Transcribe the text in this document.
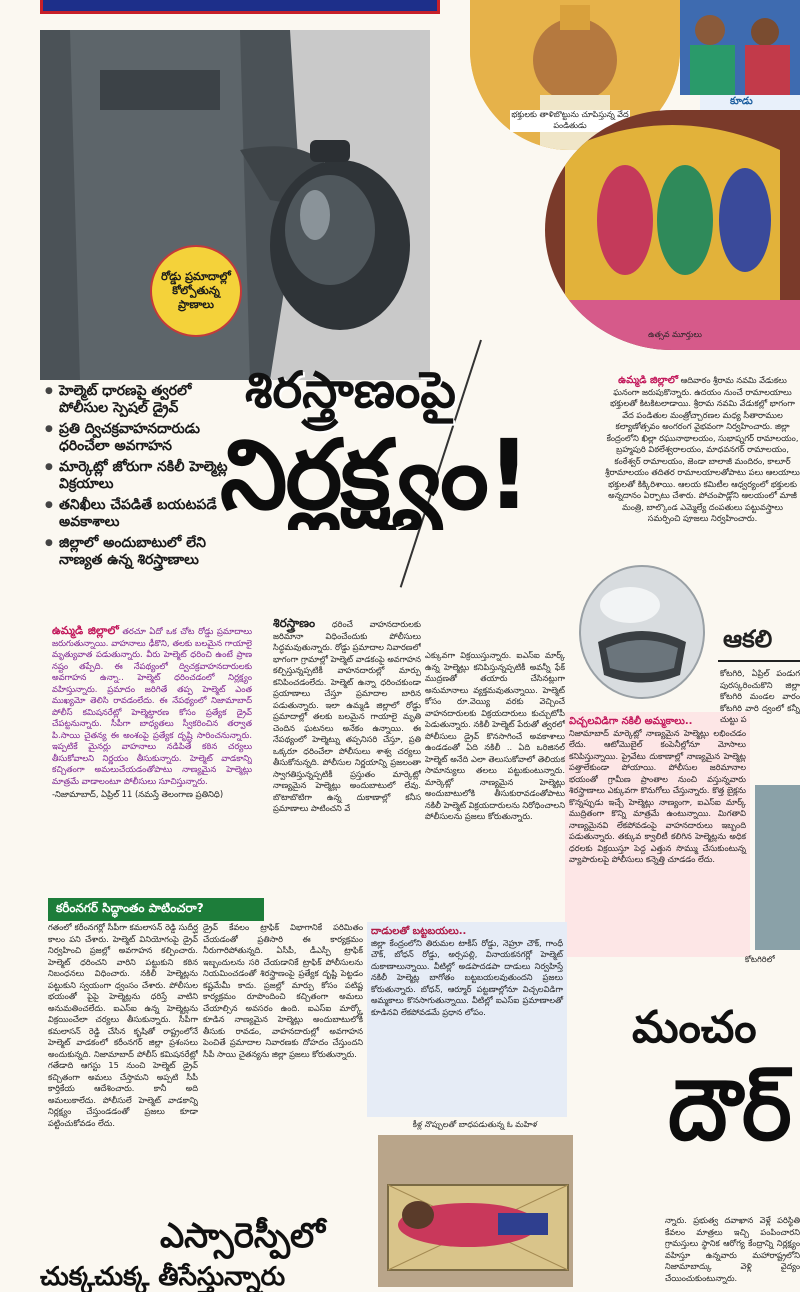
రోడ్డు ప్రమాదాల్లో కోల్పోతున్న ప్రాణాలు
● హెల్మెట్ ధారణపై త్వరలో పోలీసుల స్పెషల్ డ్రైవ్
● ప్రతి ద్విచక్రవాహనదారుడు ధరించేలా అవగాహన
● మార్కెట్లో జోరుగా నకిలీ హెల్మెట్ల విక్రయాలు
● తనిఖీలు చేపడితే బయటపడే అవకాశాలు
● జిల్లాలో అందుబాటులో లేని నాణ్యత ఉన్న శిరస్త్రాణాలు
శిరస్త్రాణంపై
నిర్లక్ష్యం!
ఉమ్మడి జిల్లాలో తరచూ ఏదో ఒక చోట రోడ్డు ప్రమాదాలు జరుగుతున్నాయి. వాహనాలు ఢీకొని, తలకు బలమైన గాయాలై మృత్యువాత పడుతున్నారు. వీరు హెల్మెట్ ధరించి ఉంటే ప్రాణ నష్టం తప్పేది. ఈ నేపథ్యంలో ద్విచక్రవాహనదారులకు అవగాహన ఉన్నా.. హెల్మెట్ ధరించడంలో నిర్లక్ష్యం వహిస్తున్నారు. ప్రమాదం జరిగితే తప్ప హెల్మెట్ ఎంత ముఖ్యమో తెలిసి రావడంలేదు. ఈ నేపథ్యంలో నిజామాబాద్ పోలీస్ కమిషనరేట్లో హెల్మెట్ధారణ కోసం ప్రత్యేక డ్రైవ్ చేపట్టనున్నారు. సీపీగా బాధ్యతలు స్వీకరించిన తర్వాత పి.సాయి చైతన్య ఈ అంశంపై ప్రత్యేక దృష్టి సారించనున్నారు. ఇప్పటికే మైనర్లు వాహనాలు నడిపితే కఠిన చర్యలు తీసుకోవాలని నిర్ణయం తీసుకున్నారు. హెల్మెట్ వాడకాన్ని కచ్చితంగా అమలుచేయడంతోపాటు నాణ్యమైన హెల్మెట్లు మాత్రమే వాడాలంటూ పోలీసులు సూచిస్తున్నారు.
-నిజామాబాద్, ఏప్రిల్ 11 (నమస్తే తెలంగాణ ప్రతినిధి)
శిరస్త్రాణం ధరించే వాహనదారులకు జరిమానా విధించేందుకు పోలీసులు సిద్ధమవుతున్నారు. రోడ్డు ప్రమాదాల నివారణలో భాగంగా గ్రామాల్లో హెల్మెట్ వాడకంపై అవగాహన కల్పిస్తున్నప్పటికీ వాహనదారుల్లో మార్పు కనిపించడంలేదు. హెల్మెట్ ఉన్నా ధరించకుండా ప్రయాణాలు చేస్తూ ప్రమాదాల బారిన పడుతున్నారు. ఇలా ఉమ్మడి జిల్లాలో రోడ్డు ప్రమాదాల్లో తలకు బలమైన గాయాలై మృతి చెందిన ఘటనలు అనేకం ఉన్నాయి. ఈ నేపథ్యంలో హెల్మెట్ను తప్పనిసరి చేస్తూ, ప్రతి ఒక్కరూ ధరించేలా పోలీసులు శాశ్వ చర్యలు తీసుకోనున్నది. పోలీసుల నిర్ణయాన్ని ప్రజలంతా స్వాగతిస్తున్నప్పటికీ ప్రస్తుతం మార్కెట్లో నాణ్యమైన హెల్మెట్లు అందుబాటులో లేవు. బొటాబొటిగా ఉన్న దుకాణాల్లో కనీస ప్రమాణాలు పాటించని వే
ఎక్కువగా విక్రయిస్తున్నారు. ఐఎస్ఐ మార్క్ ఉన్న హెల్మెట్లు కనిపిస్తున్నప్పటికీ అవన్నీ ఫేక్ ముద్రణతో తయారు చేసినట్లుగా అనుమానాలు వ్యక్తమవుతున్నాయి. హెల్మెట్ కోసం రూ.వెయ్యి వరకు వెచ్చించే వాహనదారులకు విక్రయదారులు కుచ్చుటోపీ పెడుతున్నారు. నకిలీ హెల్మెట్ పేరుతో త్వరలో పోలీసులు డ్రైవ్ కొనసాగించే అవకాశాలు ఉండడంతో ఏది నకిలీ .. ఏది ఒరిజినల్ హెల్మెట్ అనేది ఎలా తెలుసుకోవాలో తెలియక సామాన్యులు తలలు పట్టుకుంటున్నారు. మార్కెట్లో నాణ్యమైన హెల్మెట్లు అందుబాటులోకి తీసుకురావడంతోపాటు నకిలీ హెల్మెట్ విక్రయదారులను నిరోధించాలని పోలీసులను ప్రజలు కోరుతున్నారు.
విచ్చలవిడిగా నకిలీ అమ్మకాలు..
నిజామాబాద్ మార్కెట్లో నాణ్యమైన హెల్మెట్లు లభించడం లేదు. ఆటోమొబైల్ కంపెనీల్లోనూ మోసాలు కనిపిస్తున్నాయి. ప్రైవేటు దుకాణాల్లో నాణ్యమైన హెల్మెట్ల పత్తాలేకుండా పోయాయి. పోలీసుల జరిమానాల భయంతో గ్రామీణ ప్రాంతాల నుంచి వస్తున్నవారు శిరస్త్రాణాలు ఎక్కువగా కొనుగోలు చేస్తున్నారు. కొత్త బైక్లను కొన్నప్పుడు ఇచ్చే హెల్మెట్లు నాణ్యంగా, ఐఎస్ఐ మార్క్ ముద్రితంగా కొన్ని మాత్రమే ఉంటున్నాయి. మిగతావి నాణ్యమైనవి లేకపోవడంపై వాహనదారులు ఇబ్బంది పడుతున్నారు. తక్కువ క్వాలిటీ కలిగిన హెల్మెట్లను అధిక ధరలకు విక్రయిస్తూ పెద్ద ఎత్తున సొమ్ము చేసుకుంటున్న వ్యాపారులపై పోలీసులు కన్నెత్తి చూడడం లేదు.
కరీంనగర్ సిద్ధాంతం పాటించరా?
గతంలో కరీంనగర్లో సీపీగా కమలాసన్ రెడ్డి సుదీర్ఘ కాలం పని చేశారు. హెల్మెట్ వినియోగంపై డ్రైవ్ నిర్వహించి ప్రజల్లో అవగాహన కల్పించారు. హెల్మెట్ ధరించని వారిని పట్టుకుని కఠిన నిబంధనలు విధించారు. నకిలీ హెల్మెట్లను పట్టుకుని స్వయంగా ధ్వంసం చేశారు. పోలీసుల భయంతో పైపై హెల్మెట్లను ధరిస్తే వాటిని అనుమతించలేదు. ఐఎస్ఐ ఉన్న హెల్మెట్లను విక్రయించేలా చర్యలు తీసుకున్నారు. సీపీగా కమలాసన్ రెడ్డి చేసిన కృషితో రాష్ట్రంలోనే హెల్మెట్ వాడకంలో కరీంనగర్ జిల్లా ప్రశంసలు అందుకున్నది. నిజామాబాద్ పోలీస్ కమిషనరేట్లో గతేడాది ఆగస్టు 15 నుంచి హెల్మెట్ డ్రైవ్ కచ్చితంగా అమలు చేస్తామని అప్పటి సీపీ కార్తికేయ ఆదేశించారు. కానీ అది అమలుకాలేదు. పోలీసులే హెల్మెట్ వాడకాన్ని నిర్లక్ష్యం చేస్తుండడంతో ప్రజలు కూడా పట్టించుకోవడం లేదు.
డ్రైవ్ కేవలం ట్రాఫిక్ విభాగానికే పరిమితం చేయడంతో ప్రతిసారి ఈ కార్యక్రమం నీరుగారిపోతున్నది. ఏసీపీ, డీఎస్పీ ట్రాఫిక్ ఇబ్బందులను సరి చేయడానికే ట్రాఫిక్ పోలీసులను నియమించడంతో శిరస్త్రాణంపై ప్రత్యేక దృష్టి పెట్టడం కష్టమేమీ కాదు. ప్రజల్లో మార్పు కోసం పటిష్ట కార్యక్రమం రూపొందించి కచ్చితంగా అమలు చేయాల్సిన అవసరం ఉంది. ఐఎస్ఐ మార్క్తో కూడిన నాణ్యమైన హెల్మెట్లు అందుబాటులోకి తీసుకు రావడం, వాహనదారుల్లో అవగాహన పెంచితే ప్రమాదాల నివారణకు దోహదం చేస్తుందని సీపీ సాయి చైతన్యను జిల్లా ప్రజలు కోరుతున్నారు.
దాడులతో బట్టబయలు..
జిల్లా కేంద్రంలోని తిరుమల టాకీస్ రోడ్డు, నెహ్రూ చౌక్, గాంధీ చౌక్, బోధన్ రోడ్డు, అర్సపల్లి, వినాయకనగర్లో హెల్మెట్ దుకాణాలున్నాయి. వీటిల్లో అడపాదడపా దాడులు నిర్వహిస్తే నకిలీ హెల్మెట్ల బాగోతం బట్టబయలవుతుందని ప్రజలు కోరుతున్నారు. బోధన్, ఆర్మూర్ పట్టణాల్లోనూ విచ్చలవిడిగా అమ్మకాలు కొనసాగుతున్నాయి. వీటిల్లో ఐఎస్ఐ ప్రమాణాలతో కూడినవి లేకపోవడమే ప్రధాన లోపం.
కీళ్ల నొప్పులతో బాధపడుతున్న ఓ మహిళ
ఎస్సారెస్పీలో
చుక్కచుక్క తీసేస్తున్నారు
భక్తులకు తాళిబొట్టును చూపిస్తున్న వేద పండితుడు
కూడు
ఉత్సవ మూర్తులు
ఉమ్మడి జిల్లాలో ఆదివారం శ్రీరామ నవమి వేడుకలు ఘనంగా జరుపుకొన్నారు. ఉదయం నుంచే రామాలయాలు భక్తులతో కిటకిటలాడాయి. శ్రీరామ నవమి వేడుకల్లో భాగంగా వేద పండితుల మంత్రోచ్చారణల మధ్య సీతారాముల కల్యాణోత్సవం అంగరంగ వైభవంగా నిర్వహించారు. జిల్లా కేంద్రంలోని ఖిల్లా రఘునాథాలయం, సుభాష్నగర్ రామాలయం, బ్రహ్మపురి విఠలేశ్వరాలయం, మాధవనగర్ రామాలయం, కంఠేశ్వర్ రామాలయం, జెండా బాలాజీ మందిరం, కాలూర్ శ్రీరామాలయం తదితర రామాలయాలతోపాటు పలు ఆలయాలు భక్తులతో కిక్కిరిశాయి. ఆలయ కమిటీల ఆధ్వర్యంలో భక్తులకు అన్నదానం ఏర్పాటు చేశారు. పోచంపాడ్లోని ఆలయంలో మాజీ మంత్రి, బాల్కొండ ఎమ్మెల్యే దంపతులు పట్టువస్త్రాలు సమర్పించి పూజలు నిర్వహించారు.
ఆకలి
కోటగిరి, ఏప్రిల్ పండుగ పురస్కరించుకొని జిల్లా కోటగిరి మండల వారం కోటగిరి వారి ద్వంలో కన్నీ చుట్టు ప
కోటగిరిలో
మంచం
దౌర్
న్నారు. ప్రభుత్వ దవాఖాన వెళ్లే పరిస్థితి కేవలం మాత్రలు ఇచ్చి పంపించారని గ్రామస్తులు స్థానిక ఆరోగ్య కేంద్రాన్ని నిర్లక్ష్యం వహిస్తూ ఉన్నవారు మహారాష్ట్రలోని నిజామాబాద్కు వెళ్లి వైద్యం చేయించుకుంటున్నారు.
